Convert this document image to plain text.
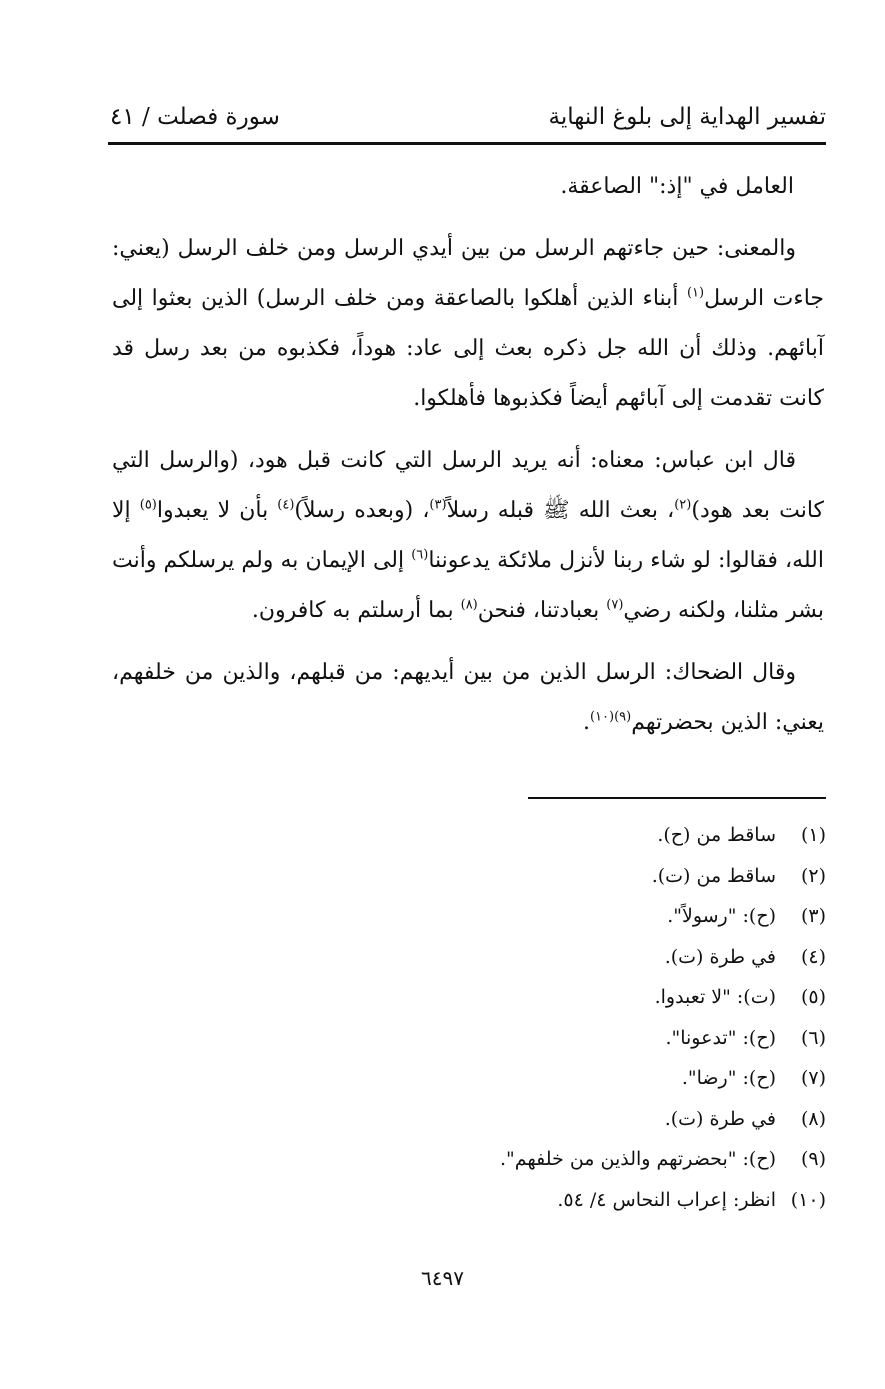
تفسير الهداية إلى بلوغ النهاية
سورة فصلت / ٤١

العامل في "إذ:" الصاعقة.

والمعنى: حين جاءتهم الرسل من بين أيدي الرسل ومن خلف الرسل (يعني: جاءت الرسل$^{(١)}$ أبناء الذين أهلكوا بالصاعقة ومن خلف الرسل) الذين بعثوا إلى آبائهم. وذلك أن الله جل ذكره بعث إلى عاد: هوداً، فكذبوه من بعد رسل قد كانت تقدمت إلى آبائهم أيضاً فكذبوها فأهلكوا.

قال ابن عباس: معناه: أنه يريد الرسل التي كانت قبل هود، (والرسل التي كانت بعد هود)$^{(٢)}$، بعث الله ﷺ قبله رسلاً$^{(٣)}$، (وبعده رسلاً)$^{(٤)}$ بأن لا يعبدوا$^{(٥)}$ إلا الله، فقالوا: لو شاء ربنا لأنزل ملائكة يدعوننا$^{(٦)}$ إلى الإيمان به ولم يرسلكم وأنت بشر مثلنا، ولكنه رضي$^{(٧)}$ بعبادتنا، فنحن$^{(٨)}$ بما أرسلتم به كافرون.

وقال الضحاك: الرسل الذين من بين أيديهم: من قبلهم، والذين من خلفهم، يعني: الذين بحضرتهم$^{(٩)(١٠)}$.

(١)ساقط من (ح).
(٢)ساقط من (ت).
(٣)(ح): "رسولاً".
(٤)في طرة (ت).
(٥)(ت): "لا تعبدوا.
(٦)(ح): "تدعونا".
(٧)(ح): "رضا".
(٨)في طرة (ت).
(٩)(ح): "بحضرتهم والذين من خلفهم".
(١٠)انظر: إعراب النحاس ٤/ ٥٤.
٦٤٩٧
